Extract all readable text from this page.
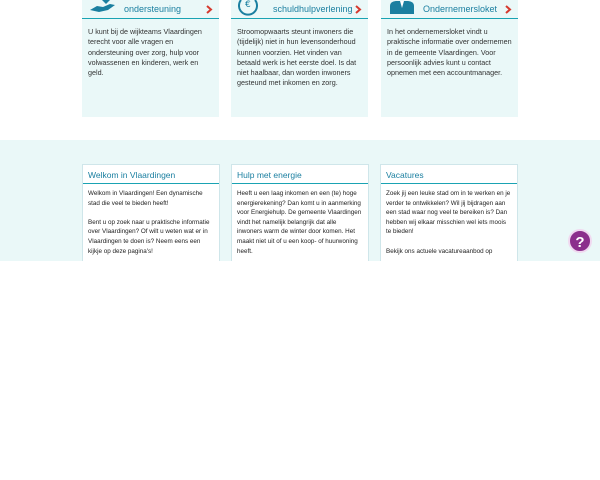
ondersteuning
U kunt bij de wijkteams Vlaardingen terecht voor alle vragen en ondersteuning over zorg, hulp voor volwassenen en kinderen, werk en geld.
€ schuldhulpverlening
Stroomopwaarts steunt inwoners die (tijdelijk) niet in hun levensonderhoud kunnen voorzien. Het vinden van betaald werk is het eerste doel. Is dat niet haalbaar, dan worden inwoners gesteund met inkomen en zorg.
Ondernemersloket
In het ondernemersloket vindt u praktische informatie over ondernemen in de gemeente Vlaardingen. Voor persoonlijk advies kunt u contact opnemen met een accountmanager.
Welkom in Vlaardingen

Welkom in Vlaardingen! Een dynamische stad die veel te bieden heeft!

Bent u op zoek naar u praktische informatie over Vlaardingen? Of wilt u weten wat er in Vlaardingen te doen is? Neem eens een kijkje op deze pagina's!

Hulp met energie

Heeft u een laag inkomen en een (te) hoge energierekening? Dan komt u in aanmerking voor Energiehulp. De gemeente Vlaardingen vindt het namelijk belangrijk dat alle inwoners warm de winter door komen. Het maakt niet uit of u een koop- of huurwoning heeft.

Vacatures

Zoek jij een leuke stad om in te werken en je verder te ontwikkelen? Wil jij bijdragen aan een stad waar nog veel te bereiken is? Dan hebben wij elkaar misschien wel iets moois te bieden!

Bekijk ons actuele vacatureaanbod op

?
